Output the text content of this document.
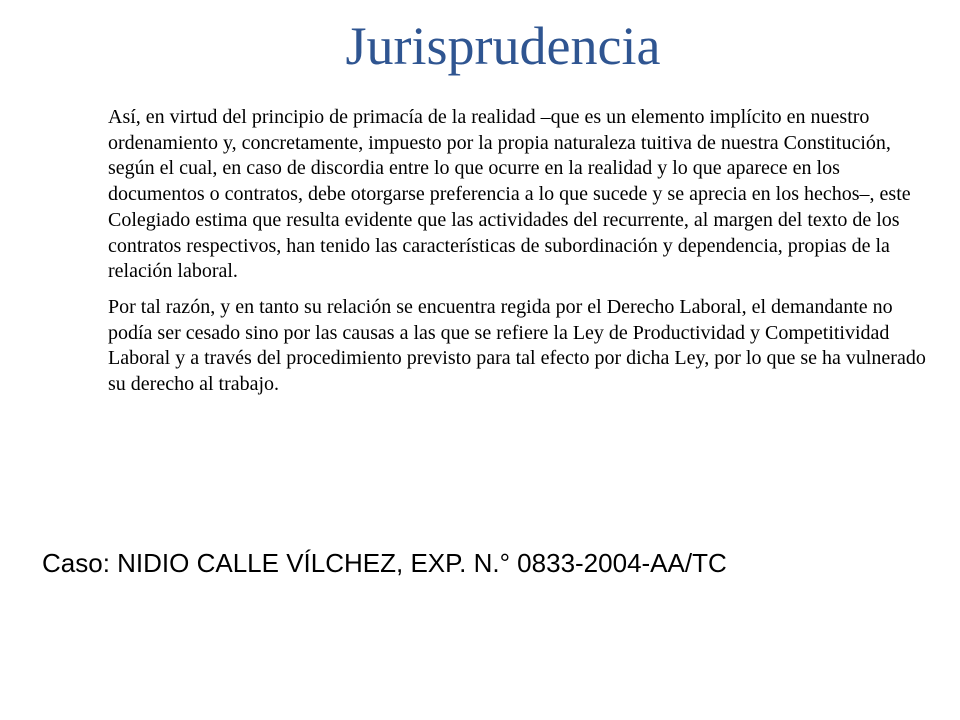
Jurisprudencia

Así, en virtud del principio de primacía de la realidad –que es un elemento implícito en nuestro ordenamiento y, concretamente, impuesto por la propia naturaleza tuitiva de nuestra Constitución, según el cual, en caso de discordia entre lo que ocurre en la realidad y lo que aparece en los documentos o contratos, debe otorgarse preferencia a lo que sucede y se aprecia en los hechos–, este Colegiado estima que resulta evidente que las actividades del recurrente, al margen del texto de los contratos respectivos, han tenido las características de subordinación y dependencia, propias de la relación laboral.

Por tal razón, y en tanto su relación se encuentra regida por el Derecho Laboral, el demandante no podía ser cesado sino por las causas a las que se refiere la Ley de Productividad y Competitividad Laboral y a través del procedimiento previsto para tal efecto por dicha Ley, por lo que se ha vulnerado su derecho al trabajo.

Caso: NIDIO CALLE VÍLCHEZ, EXP. N.° 0833-2004-AA/TC
